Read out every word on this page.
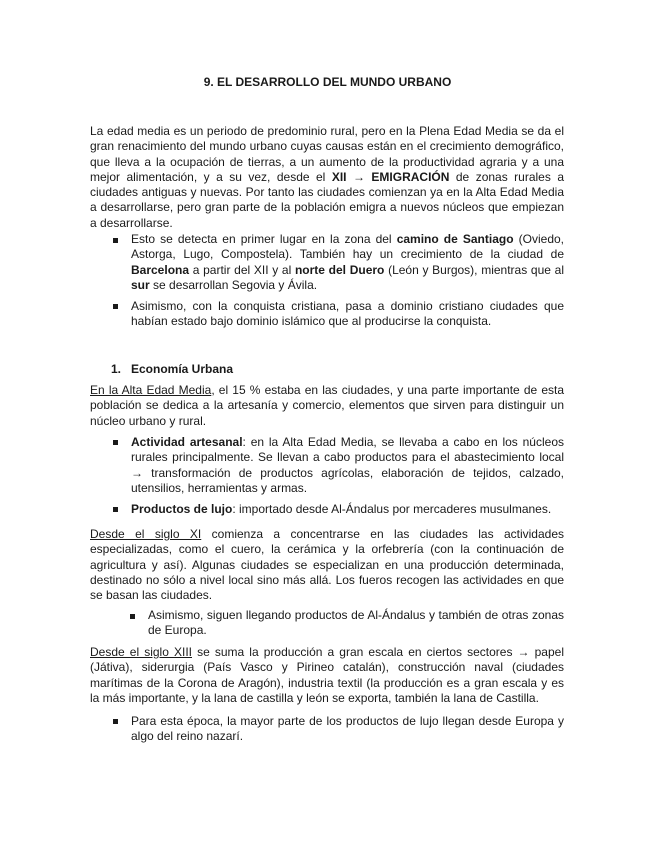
9. EL DESARROLLO DEL MUNDO URBANO
La edad media es un periodo de predominio rural, pero en la Plena Edad Media se da el gran renacimiento del mundo urbano cuyas causas están en el crecimiento demográfico, que lleva a la ocupación de tierras, a un aumento de la productividad agraria y a una mejor alimentación, y a su vez, desde el XII → EMIGRACIÓN de zonas rurales a ciudades antiguas y nuevas. Por tanto las ciudades comienzan ya en la Alta Edad Media a desarrollarse, pero gran parte de la población emigra a nuevos núcleos que empiezan a desarrollarse.
Esto se detecta en primer lugar en la zona del camino de Santiago (Oviedo, Astorga, Lugo, Compostela). También hay un crecimiento de la ciudad de Barcelona a partir del XII y al norte del Duero (León y Burgos), mientras que al sur se desarrollan Segovia y Ávila.
Asimismo, con la conquista cristiana, pasa a dominio cristiano ciudades que habían estado bajo dominio islámico que al producirse la conquista.
1. Economía Urbana
En la Alta Edad Media, el 15 % estaba en las ciudades, y una parte importante de esta población se dedica a la artesanía y comercio, elementos que sirven para distinguir un núcleo urbano y rural.
Actividad artesanal: en la Alta Edad Media, se llevaba a cabo en los núcleos rurales principalmente. Se llevan a cabo productos para el abastecimiento local → transformación de productos agrícolas, elaboración de tejidos, calzado, utensilios, herramientas y armas.
Productos de lujo: importado desde Al-Ándalus por mercaderes musulmanes.
Desde el siglo XI comienza a concentrarse en las ciudades las actividades especializadas, como el cuero, la cerámica y la orfebrería (con la continuación de agricultura y así). Algunas ciudades se especializan en una producción determinada, destinado no sólo a nivel local sino más allá. Los fueros recogen las actividades en que se basan las ciudades.
Asimismo, siguen llegando productos de Al-Ándalus y también de otras zonas de Europa.
Desde el siglo XIII se suma la producción a gran escala en ciertos sectores → papel (Játiva), siderurgia (País Vasco y Pirineo catalán), construcción naval (ciudades marítimas de la Corona de Aragón), industria textil (la producción es a gran escala y es la más importante, y la lana de castilla y león se exporta, también la lana de Castilla.
Para esta época, la mayor parte de los productos de lujo llegan desde Europa y algo del reino nazarí.
